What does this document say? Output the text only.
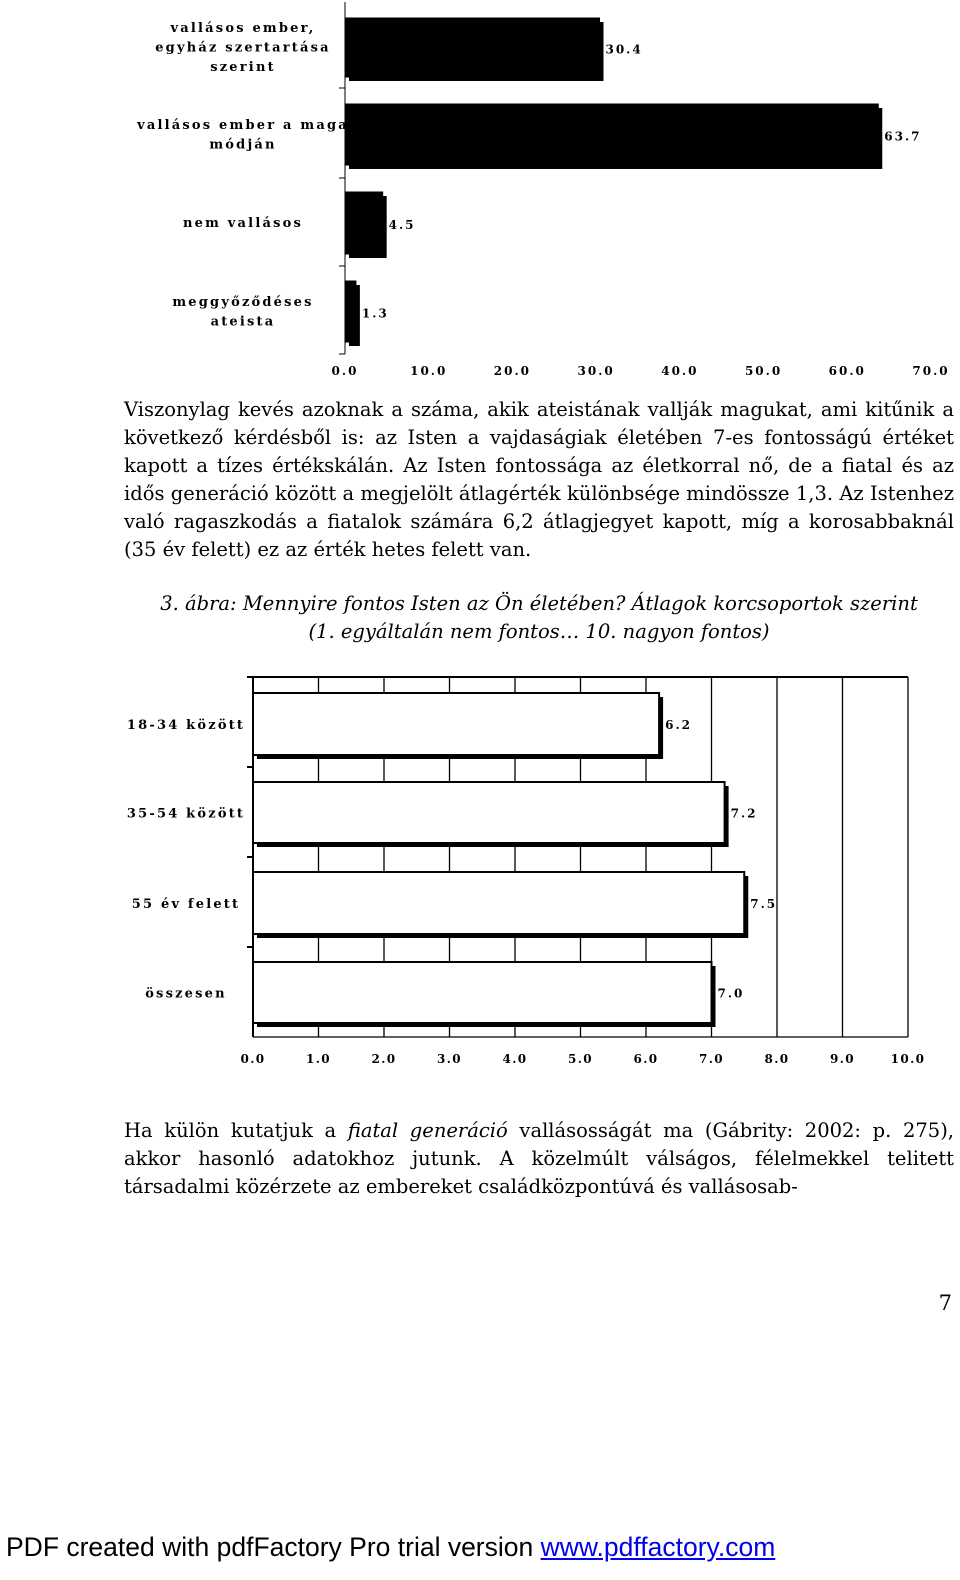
30.4
vallásos ember,
egyház szertartása
szerint
63.7
vallásos ember a maga
módján
4.5
nem vallásos
1.3
meggyőződéses
ateista
0.0	10.0	20.0	30.0	40.0	50.0	60.0	70.0

Viszonylag kevés azoknak a száma, akik ateistának vallják magukat, ami kitűnik a következő kérdésből is: az Isten a vajdaságiak életében 7-es fontosságú értéket kapott a tízes értékskálán. Az Isten fontossága az életkorral nő, de a fiatal és az idős generáció között a megjelölt átlagérték különbsége mindössze 1,3. Az Istenhez való ragaszkodás a fiatalok számára 6,2 átlagjegyet kapott, míg a korosabbaknál (35 év felett) ez az érték hetes felett van.

3. ábra: Mennyire fontos Isten az Ön életében? Átlagok korcsoportok szerint
(1. egyáltalán nem fontos… 10. nagyon fontos)
6.2
18-34 között
7.2
35-54 között
7.5
55 év felett
7.0
összesen
0.0	1.0	2.0	3.0	4.0	5.0	6.0	7.0	8.0	9.0	10.0

Ha külön kutatjuk a fiatal generáció vallásosságát ma (Gábrity: 2002: p. 275), akkor hasonló adatokhoz jutunk. A közelmúlt válságos, félelmekkel telitett társadalmi közérzete az embereket családközpontúvá és vallásosab-

7
PDF created with pdfFactory Pro trial version www.pdffactory.com
